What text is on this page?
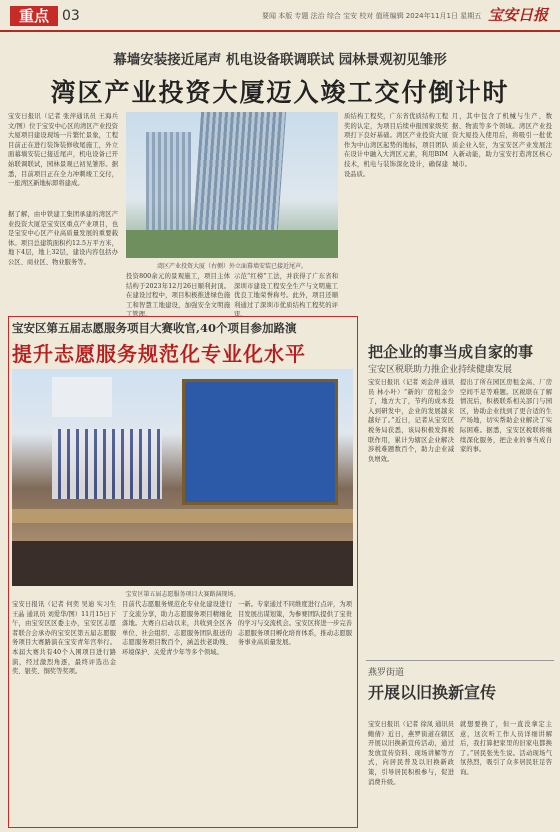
重点 03	要闻 本版 专题 法治 综合 宝安 校对 值班编辑 2024年11月1日 星期五 宝安日报
幕墙安装接近尾声 机电设备联调联试 园林景观初见雏形
湾区产业投资大厦迈入竣工交付倒计时
宝安日报讯（记者 张萍通讯员 王海兵 文/图）位于宝安中心区的湾区产业投资大厦项目建设现场一片繁忙景象，工程目前正在进行装饰装修收尾施工，外立面幕墙安装已接近尾声，机电设备已开始联调联试，园林景观已初见雏形。据悉，目前项目正在全力冲刺竣工交付，一座湾区新地标即将建成。
据了解，由中铁建工集团承建的湾区产业投资大厦是宝安区重点产业项目，也是宝安中心区产业高质量发展的重要载体。项目总建筑面积约12.5万平方米，地下4层，地上32层，建设内容包括办公区、商业区、物业服务等。
湾区产业投资大厦（右侧）外立面幕墙安装已接近尾声。
投资800余元的景观施工，项目主体结构于2023年12月26日顺利封顶。在建设过程中，项目积极推进绿色施工和智慧工地建设，加强安全文明施工管理。
示范“红榜”工法，并获得了广东省和深圳市建设工程安全生产与文明施工优良工地荣誉称号。此外，项目还顺利通过了深圳市优质结构工程奖的评审。
质结构工程奖，广东省优质结构工程奖的认定，为项目后续申报国家级奖项打下良好基础。湾区产业投资大厦作为中山湾区起势的地标，项目团队在设计中融入大湾区元素，利用BIM技术，机电与装饰深化设计，确保建设品质。
月，其中包含了机械与生产、数据、物流等多个领域。湾区产业投资大厦投入使用后，将吸引一批优质企业入驻，为宝安区产业发展注入新动能，助力宝安打造湾区核心城市。
宝安区第五届志愿服务项目大赛收官,40个项目参加路演
提升志愿服务规范化专业化水平
宝安区第五届志愿服务项目大赛路演现场。
宝安日报讯（记者 何奕 吴迪 实习生 王晶 通讯员 刘爱华/图）11月15日下午，由宝安区区委主办，宝安区志愿者联合会承办的宝安区第五届志愿服务项目大赛路演在宝安青年宫举行。本届大赛共有40个入围项目进行路演，经过激烈角逐，最终评选出金奖、银奖、铜奖等奖项。
目前代志愿服务规范化专业化建设进行了交流分享，助力志愿服务项目精细化落地。大赛自启动以来，共收到全区各单位、社会组织、志愿服务团队报送的志愿服务项目数百个，涵盖扶老助残、环境保护、关爱青少年等多个领域。
一新。专家通过不同维度进行点评，为项目发展出谋划策，为参赛团队提供了宝贵的学习与交流机会。宝安区将进一步完善志愿服务项目孵化培育体系，推动志愿服务事业高质量发展。
把企业的事当成自家的事
宝安区税联助力推企业持续健康发展
宝安日报讯（记者 刘金萍 通讯员 林小叶）“新的厂房租金少了，地方大了，节约的成本投入到研发中，企业的发展越来越好了。”近日，记者从宝安区税务局获悉，该局积极发挥税联作用，累计为辖区企业解决涉税难题数百个，助力企业减负增效。
提出了所在园区房租金高、厂房空间不足等难题。区税联在了解情况后，积极联系相关部门与园区，协助企业找到了更合适的生产场地，切实帮助企业解决了实际困难。据悉，宝安区税联将继续深化服务，把企业的事当成自家的事。
燕罗街道
开展以旧换新宣传
宝安日报讯（记者 徐凤 通讯员 鲍倩）近日，燕罗街道在辖区开展以旧换新宣传活动，通过发放宣传资料、现场讲解等方式，向居民普及以旧换新政策，引导居民积极参与，促进消费升级。
就想要换了，但一直没拿定主意，这次听工作人员详细讲解后，我打算把家里的旧家电都换了。”居民张先生说。活动现场气氛热烈，吸引了众多居民驻足咨询。
